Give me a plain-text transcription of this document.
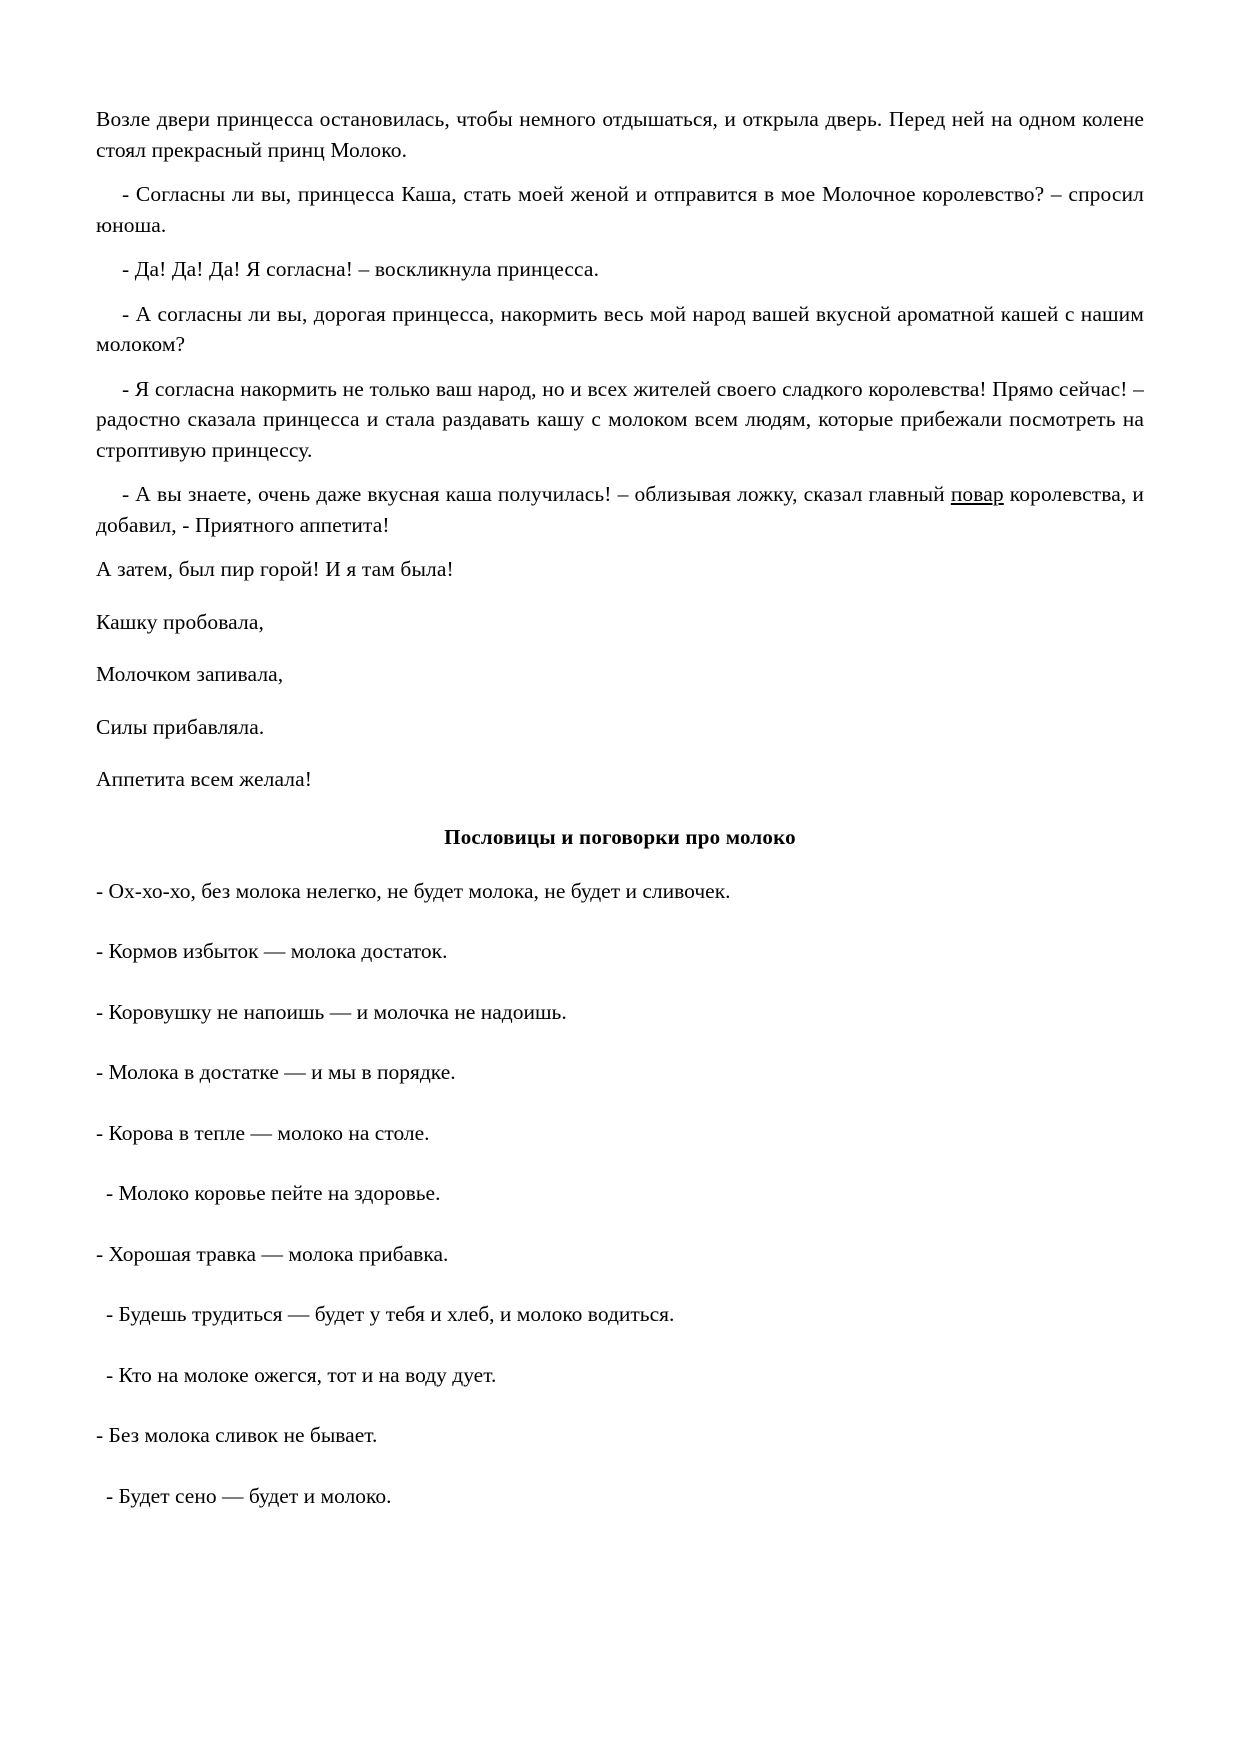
Возле двери принцесса остановилась, чтобы немного отдышаться, и открыла дверь. Перед ней на одном колене стоял прекрасный принц Молоко.

- Согласны ли вы, принцесса Каша, стать моей женой и отправится в мое Молочное королевство? – спросил юноша.

- Да! Да! Да! Я согласна! – воскликнула принцесса.

- А согласны ли вы, дорогая принцесса, накормить весь мой народ вашей вкусной ароматной кашей с нашим молоком?

- Я согласна накормить не только ваш народ, но и всех жителей своего сладкого королевства! Прямо сейчас! – радостно сказала принцесса и стала раздавать кашу с молоком всем людям, которые прибежали посмотреть на строптивую принцессу.

- А вы знаете, очень даже вкусная каша получилась! – облизывая ложку, сказал главный повар королевства, и добавил, - Приятного аппетита!

А затем, был пир горой! И я там была!

Кашку пробовала,

Молочком запивала,

Силы прибавляла.

Аппетита всем желала!

Пословицы и поговорки про молоко

- Ох-хо-хо, без молока нелегко, не будет молока, не будет и сливочек.

- Кормов избыток — молока достаток.

- Коровушку не напоишь — и молочка не надоишь.

- Молока в достатке — и мы в порядке.

- Корова в тепле — молоко на столе.

- Молоко коровье пейте на здоровье.

- Хорошая травка — молока прибавка.

- Будешь трудиться — будет у тебя и хлеб, и молоко водиться.

- Кто на молоке ожегся, тот и на воду дует.

- Без молока сливок не бывает.

- Будет сено — будет и молоко.
